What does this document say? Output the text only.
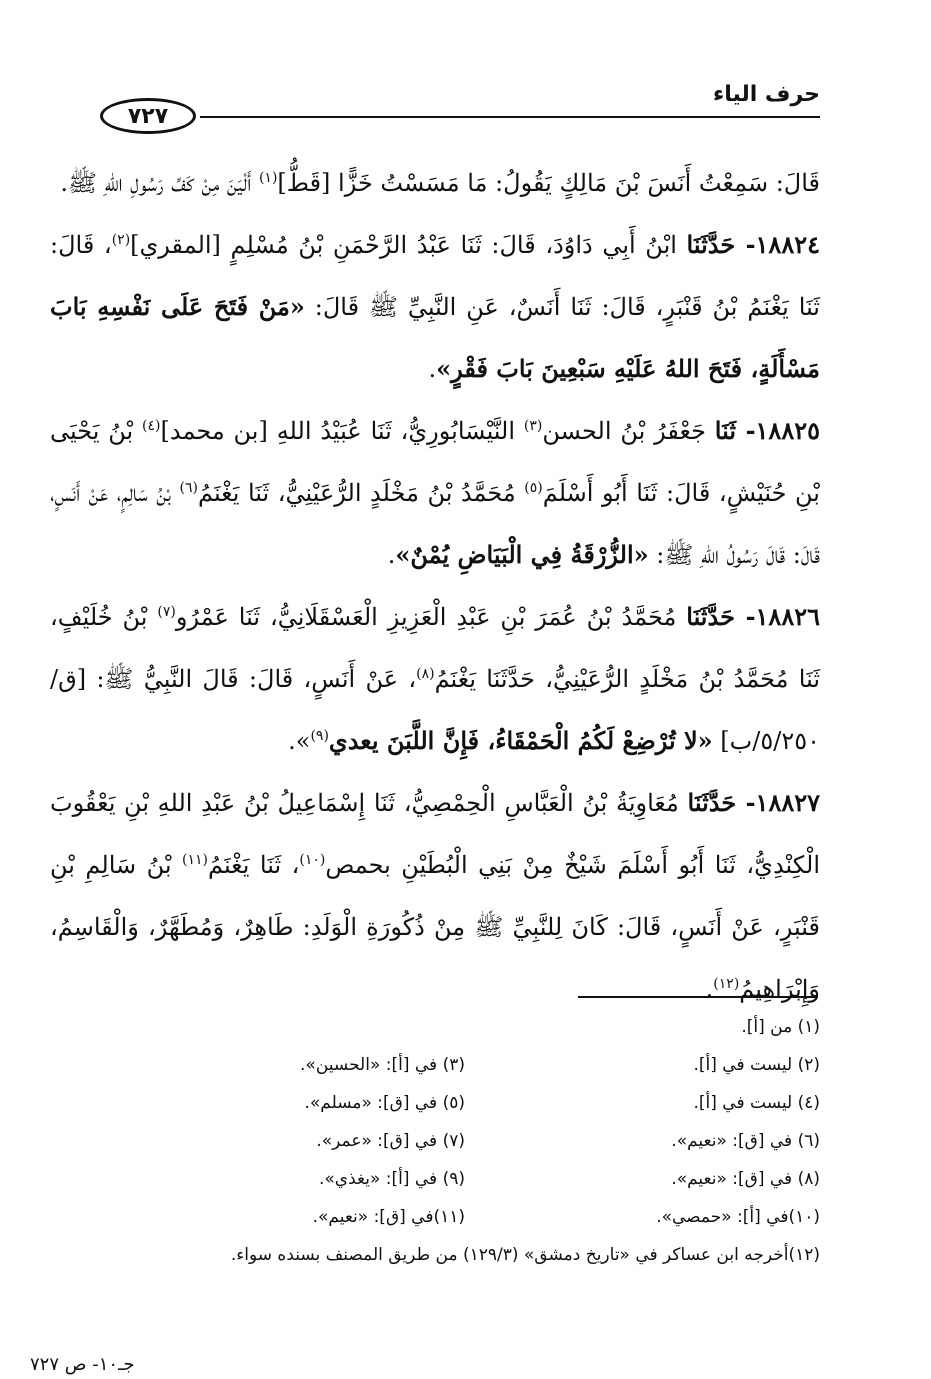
حرف الياء
٧٢٧

قَالَ: سَمِعْتُ أَنَسَ بْنَ مَالِكٍ يَقُولُ: مَا مَسَسْتُ خَزًّا [قَطُّ]$^{(١)}$ أَلْيَنَ مِنْ كَفِّ رَسُولِ اللهِ ﷺ.

١٨٨٢٤- حَدَّثَنَا ابْنُ أَبِي دَاوُدَ، قَالَ: ثَنَا عَبْدُ الرَّحْمَنِ بْنُ مُسْلِمٍ [المقري]$^{(٢)}$، قَالَ: ثَنَا يَغْنَمُ بْنُ قَنْبَرٍ، قَالَ: ثَنَا أَنَسٌ، عَنِ النَّبِيِّ ﷺ قَالَ: «مَنْ فَتَحَ عَلَى نَفْسِهِ بَابَ مَسْأَلَةٍ، فَتَحَ اللهُ عَلَيْهِ سَبْعِينَ بَابَ فَقْرٍ».

١٨٨٢٥- ثَنَا جَعْفَرُ بْنُ الحسن$^{(٣)}$ النَّيْسَابُورِيُّ، ثَنَا عُبَيْدُ اللهِ [بن محمد]$^{(٤)}$ بْنُ يَحْيَى بْنِ حُنَيْشٍ، قَالَ: ثَنَا أَبُو أَسْلَمَ$^{(٥)}$ مُحَمَّدُ بْنُ مَخْلَدٍ الرُّعَيْنِيُّ، ثَنَا يَغْنَمُ$^{(٦)}$ بْنُ سَالِمٍ، عَنْ أَنَسٍ، قَالَ: قَالَ رَسُولُ اللهِ ﷺ: «الزُّرْقَةُ فِي الْبَيَاضِ يُمْنٌ».

١٨٨٢٦- حَدَّثَنَا مُحَمَّدُ بْنُ عُمَرَ بْنِ عَبْدِ الْعَزِيزِ الْعَسْقَلَانِيُّ، ثَنَا عَمْرُو$^{(٧)}$ بْنُ خُلَيْفٍ، ثَنَا مُحَمَّدُ بْنُ مَخْلَدٍ الرُّعَيْنِيُّ، حَدَّثَنَا يَغْنَمُ$^{(٨)}$، عَنْ أَنَسٍ، قَالَ: قَالَ النَّبِيُّ ﷺ: [ق/٥/٢٥٠/ب] «لا تُرْضِعْ لَكُمُ الْحَمْقَاءُ، فَإِنَّ اللَّبَنَ يعدي$^{(٩)}$».

١٨٨٢٧- حَدَّثَنَا مُعَاوِيَةُ بْنُ الْعَبَّاسِ الْحِمْصِيُّ، ثَنَا إِسْمَاعِيلُ بْنُ عَبْدِ اللهِ بْنِ يَعْقُوبَ الْكِنْدِيُّ، ثَنَا أَبُو أَسْلَمَ شَيْخٌ مِنْ بَنِي الْبُطَيْنِ بحمص$^{(١٠)}$، ثَنَا يَغْنَمُ$^{(١١)}$ بْنُ سَالِمِ بْنِ قَنْبَرٍ، عَنْ أَنَسٍ، قَالَ: كَانَ لِلنَّبِيِّ ﷺ مِنْ ذُكُورَةِ الْوَلَدِ: طَاهِرٌ، وَمُطَهَّرٌ، وَالْقَاسِمُ، وَإِبْرَاهِيمُ$^{(١٢)}$.

(١) من [أ].
(٢) ليست في [أ].
(٣) في [أ]: «الحسين».
(٤) ليست في [أ].
(٥) في [ق]: «مسلم».
(٦) في [ق]: «نعيم».
(٧) في [ق]: «عمر».
(٨) في [ق]: «نعيم».
(٩) في [أ]: «يغذي».
(١٠)في [أ]: «حمصي».
(١١)في [ق]: «نعيم».
(١٢)أخرجه ابن عساكر في «تاريخ دمشق» (١٢٩/٣) من طريق المصنف بسنده سواء.
جـ١٠- ص ٧٢٧
